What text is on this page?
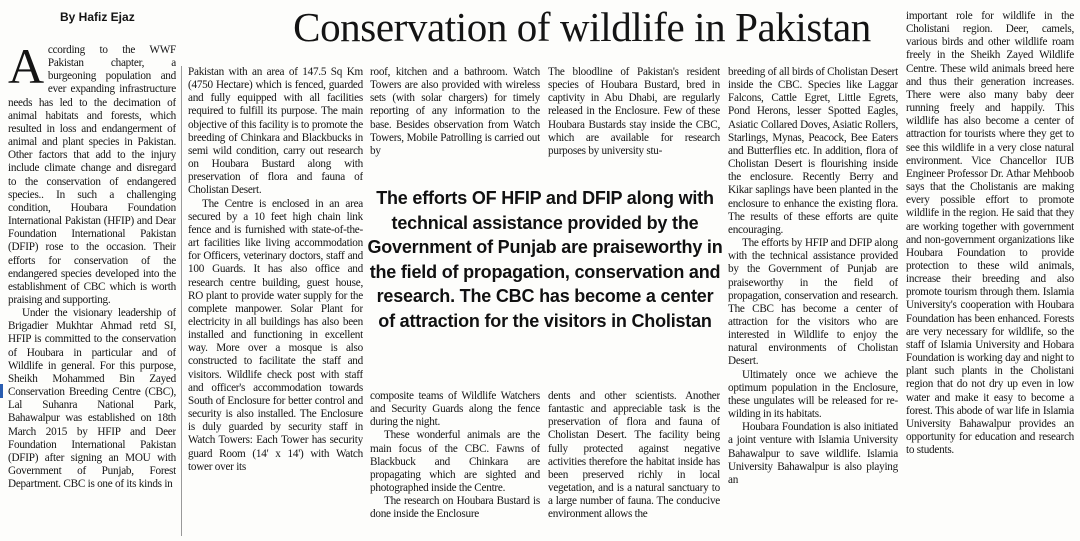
By Hafiz Ejaz	Conservation of wildlife in Pakistan

According to the WWF Pakistan chapter, a burgeoning population and ever expanding infrastructure needs has led to the decimation of animal habitats and forests, which resulted in loss and endangerment of animal and plant species in Pakistan. Other factors that add to the injury include climate change and disregard to the conservation of endangered species.. In such a challenging condition, Houbara Foundation International Pakistan (HFIP) and Dear Foundation International Pakistan (DFIP) rose to the occasion. Their efforts for conservation of the endangered species developed into the establishment of CBC which is worth praising and supporting.

Under the visionary leadership of Brigadier Mukhtar Ahmad retd SI, HFIP is committed to the conservation of Houbara in particular and of Wildlife in general. For this purpose, Sheikh Mohammed Bin Zayed Conservation Breeding Centre (CBC), Lal Suhanra National Park, Bahawalpur was established on 18th March 2015 by HFIP and Deer Foundation International Pakistan (DFIP) after signing an MOU with Government of Punjab, Forest Department. CBC is one of its kinds in

Pakistan with an area of 147.5 Sq Km (4750 Hectare) which is fenced, guarded and fully equipped with all facilities required to fulfill its purpose. The main objective of this facility is to promote the breeding of Chinkara and Blackbucks in semi wild condition, carry out research on Houbara Bustard along with preservation of flora and fauna of Cholistan Desert.

The Centre is enclosed in an area secured by a 10 feet high chain link fence and is furnished with state-of-the-art facilities like living accommodation for Officers, veterinary doctors, staff and 100 Guards. It has also office and research centre building, guest house, RO plant to provide water supply for the complete manpower. Solar Plant for electricity in all buildings has also been installed and functioning in excellent way. More over a mosque is also constructed to facilitate the staff and visitors. Wildlife check post with staff and officer's accommodation towards South of Enclosure for better control and security is also installed. The Enclosure is duly guarded by security staff in Watch Towers: Each Tower has security guard Room (14' x 14') with Watch tower over its

roof, kitchen and a bathroom. Watch Towers are also provided with wireless sets (with solar chargers) for timely reporting of any information to the base. Besides observation from Watch Towers, Mobile Patrolling is carried out by

The bloodline of Pakistan's resident species of Houbara Bustard, bred in captivity in Abu Dhabi, are regularly released in the Enclosure. Few of these Houbara Bustards stay inside the CBC, which are available for research purposes by university stu-

The efforts OF HFIP and DFIP along with technical assistance provided by the Government of Punjab are praiseworthy in the field of propagation, conservation and research. The CBC has become a center of attraction for the visitors in Cholistan

composite teams of Wildlife Watchers and Security Guards along the fence during the night.

These wonderful animals are the main focus of the CBC. Fawns of Blackbuck and Chinkara are propagating which are sighted and photographed inside the Centre.

The research on Houbara Bustard is done inside the Enclosure

dents and other scientists. Another fantastic and appreciable task is the preservation of flora and fauna of Cholistan Desert. The facility being fully protected against negative activities therefore the habitat inside has been preserved richly in local vegetation, and is a natural sanctuary to a large number of fauna. The conducive environment allows the

breeding of all birds of Cholistan Desert inside the CBC. Species like Laggar Falcons, Cattle Egret, Little Egrets, Pond Herons, lesser Spotted Eagles, Asiatic Collared Doves, Asiatic Rollers, Starlings, Mynas, Peacock, Bee Eaters and Butterflies etc. In addition, flora of Cholistan Desert is flourishing inside the enclosure. Recently Berry and Kikar saplings have been planted in the enclosure to enhance the existing flora. The results of these efforts are quite encouraging.

The efforts by HFIP and DFIP along with the technical assistance provided by the Government of Punjab are praiseworthy in the field of propagation, conservation and research. The CBC has become a center of attraction for the visitors who are interested in Wildlife to enjoy the natural environments of Cholistan Desert.

Ultimately once we achieve the optimum population in the Enclosure, these ungulates will be released for re-wilding in its habitats.

Houbara Foundation is also initiated a joint venture with Islamia University Bahawalpur to save wildlife. Islamia University Bahawalpur is also playing an

important role for wildlife in the Cholistani region. Deer, camels, various birds and other wildlife roam freely in the Sheikh Zayed Wildlife Centre. These wild animals breed here and thus their generation increases. There were also many baby deer running freely and happily. This wildlife has also become a center of attraction for tourists where they get to see this wildlife in a very close natural environment. Vice Chancellor IUB Engineer Professor Dr. Athar Mehboob says that the Cholistanis are making every possible effort to promote wildlife in the region. He said that they are working together with government and non-government organizations like Houbara Foundation to provide protection to these wild animals, increase their breeding and also promote tourism through them. Islamia University's cooperation with Houbara Foundation has been enhanced. Forests are very necessary for wildlife, so the staff of Islamia University and Hobara Foundation is working day and night to plant such plants in the Cholistani region that do not dry up even in low water and make it easy to become a forest. This abode of war life in Islamia University Bahawalpur provides an opportunity for education and research to students.
